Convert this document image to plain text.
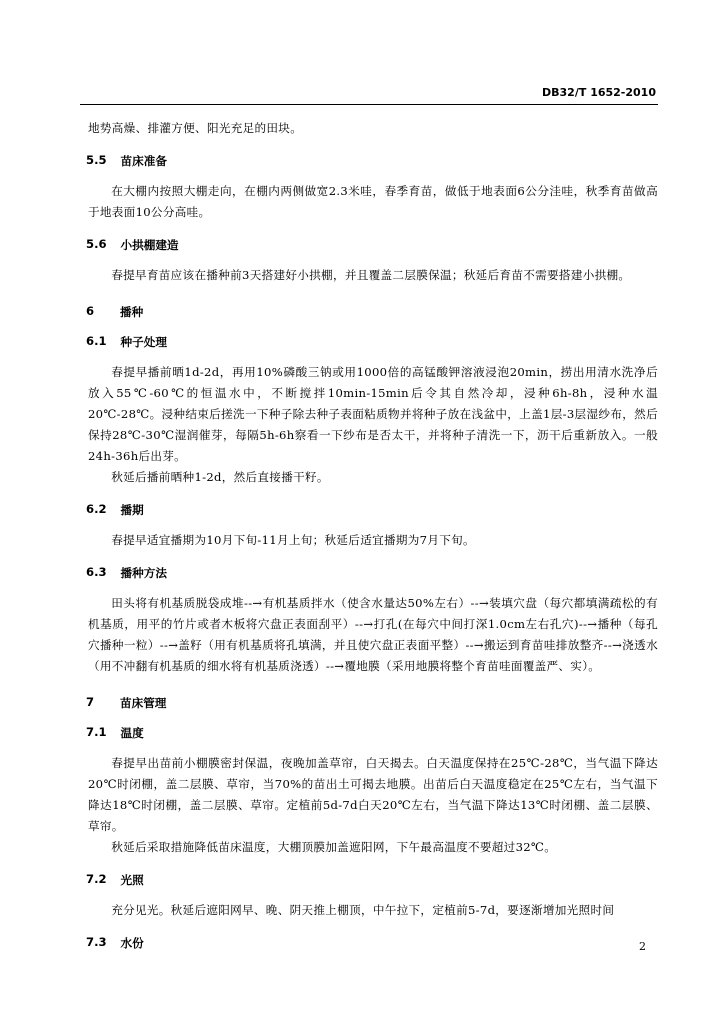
DB32/T 1652-2010

地势高燥、排灌方便、阳光充足的田块。

5.5 苗床准备

在大棚内按照大棚走向，在棚内两侧做宽2.3米哇，春季育苗，做低于地表面6公分洼哇，秋季育苗做高于地表面10公分高哇。

5.6 小拱棚建造

春提早育苗应该在播种前3天搭建好小拱棚，并且覆盖二层膜保温；秋延后育苗不需要搭建小拱棚。

6	播种
6.1 种子处理

春提早播前晒1d-2d，再用10%磷酸三钠或用1000倍的高锰酸钾溶液浸泡20min，捞出用清水洗净后放入55℃-60℃的恒温水中，不断搅拌10min-15min后令其自然冷却，浸种6h-8h，浸种水温20℃-28℃。浸种结束后搓洗一下种子除去种子表面粘质物并将种子放在浅盆中，上盖1层-3层湿纱布，然后保持28℃-30℃湿润催芽，每隔5h-6h察看一下纱布是否太干，并将种子清洗一下，沥干后重新放入。一般24h-36h后出芽。

秋延后播前晒种1-2d，然后直接播干籽。

6.2 播期

春提早适宜播期为10月下旬-11月上旬；秋延后适宜播期为7月下旬。

6.3 播种方法

田头将有机基质脱袋成堆--→有机基质拌水（使含水量达50%左右）--→装填穴盘（每穴都填满疏松的有机基质，用平的竹片或者木板将穴盘正表面刮平）--→打孔(在每穴中间打深1.0cm左右孔穴)--→播种（每孔穴播种一粒）--→盖籽（用有机基质将孔填满，并且使穴盘正表面平整）--→搬运到育苗哇排放整齐--→浇透水（用不冲翻有机基质的细水将有机基质浇透）--→覆地膜（采用地膜将整个育苗哇面覆盖严、实）。

7	苗床管理
7.1 温度

春提早出苗前小棚膜密封保温，夜晚加盖草帘，白天揭去。白天温度保持在25℃-28℃，当气温下降达20℃时闭棚，盖二层膜、草帘，当70%的苗出土可揭去地膜。出苗后白天温度稳定在25℃左右，当气温下降达18℃时闭棚，盖二层膜、草帘。定植前5d-7d白天20℃左右，当气温下降达13℃时闭棚、盖二层膜、草帘。

秋延后采取措施降低苗床温度，大棚顶膜加盖遮阳网，下午最高温度不要超过32℃。

7.2 光照

充分见光。秋延后遮阳网早、晚、阴天推上棚顶，中午拉下，定植前5-7d，要逐渐增加光照时间

7.3 水份	2
